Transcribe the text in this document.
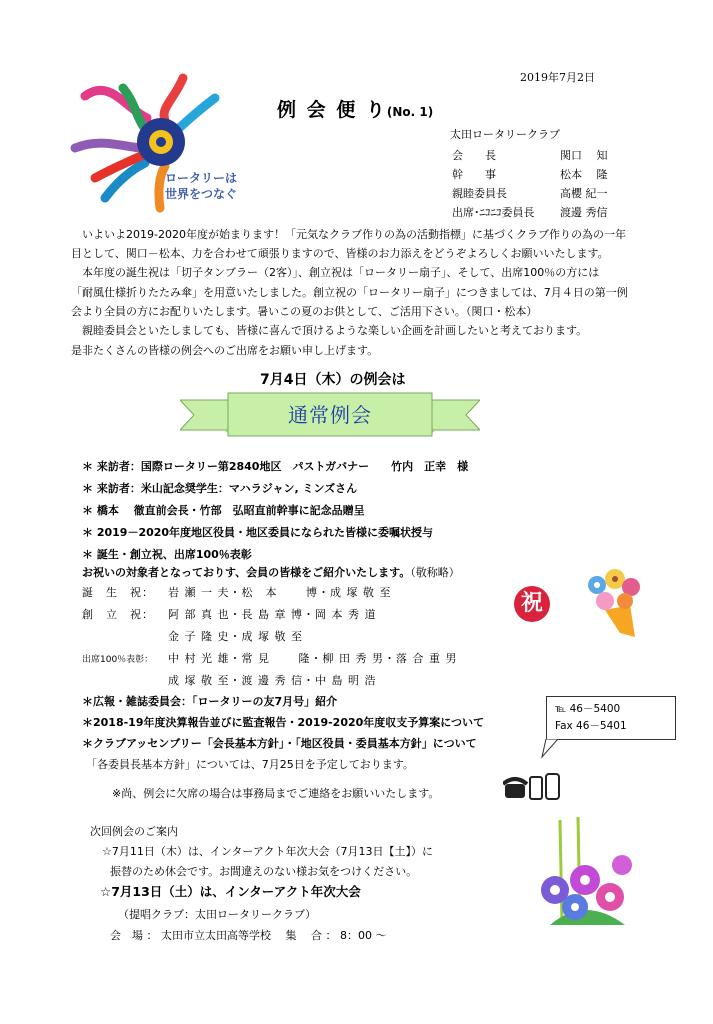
2019年7月2日
例 会 便 り(No. 1)
ロータリーは
世界をつなぐ
太田ロータリークラブ
会　　長	関口　 知
幹　　事	松本　 隆
親睦委員長	高櫻 紀一
出席･ﾆｺﾆｺ委員長 渡邊 秀信
いよいよ2019-2020年度が始まります！「元気なクラブ作りの為の活動指標」に基づくクラブ作りの為の一年
目として、関口－松本、力を合わせて頑張りますので、皆様のお力添えをどうぞよろしくお願いいたします。
本年度の誕生祝は「切子タンブラー（2客）」、創立祝は「ロータリー扇子」、そして、出席100％の方には
「耐風仕様折りたたみ傘」を用意いたしました。創立祝の「ロータリー扇子」につきましては、7月４日の第一例
会より全員の方にお配りいたします。暑いこの夏のお供として、ご活用下さい。（関口・松本）
親睦委員会といたしましても、皆様に喜んで頂けるような楽しい企画を計画したいと考えております。
是非たくさんの皆様の例会へのご出席をお願い申し上げます。
7月4日（木）の例会は
通常例会
＊ 来訪者：国際ロータリー第2840地区　パストガバナー　　竹内　正幸　様
＊ 来訪者：米山記念奨学生：マハラジャン, ミンズさん
＊ 橋本　 徹直前会長・竹部　弘昭直前幹事に記念品贈呈
＊ 2019－2020年度地区役員・地区委員になられた皆様に委嘱状授与
＊ 誕生・創立祝、出席100％表彰
お祝いの対象者となっておりす、会員の皆様をご紹介いたします。（敬称略）
誕　生　祝： 岩 瀬 一 夫・松　本　　 博・成 塚 敬 至
創　立　祝： 阿 部 真 也・長 島 章 博・岡 本 秀 道
金 子 隆 史・成 塚 敬 至
出席100％表彰： 中 村 光 雄・常 見　　 隆・柳 田 秀 男・落 合 重 男
成 塚 敬 至・渡 邊 秀 信・中 島 明 浩
祝
＊広報・雑誌委員会：「ロータリーの友7月号」紹介
＊2018-19年度決算報告並びに監査報告・2019-2020年度収支予算案について
＊クラブアッセンブリー「会長基本方針」・「地区役員・委員基本方針」について
「各委員長基本方針」については、7月25日を予定しております。
℡ 46－5400
Fax 46－5401
※尚、例会に欠席の場合は事務局までご連絡をお願いいたします。
次回例会のご案内
☆7月11日（木）は、インターアクト年次大会（7月13日【土】）に
振替のため休会です。お間違えのない様お気をつけください。
☆7月13日（土）は、インターアクト年次大会
（提唱クラブ：太田ロータリークラブ）
会　場 ： 太田市立太田高等学校　 集　 合 ： 8：00 ～
